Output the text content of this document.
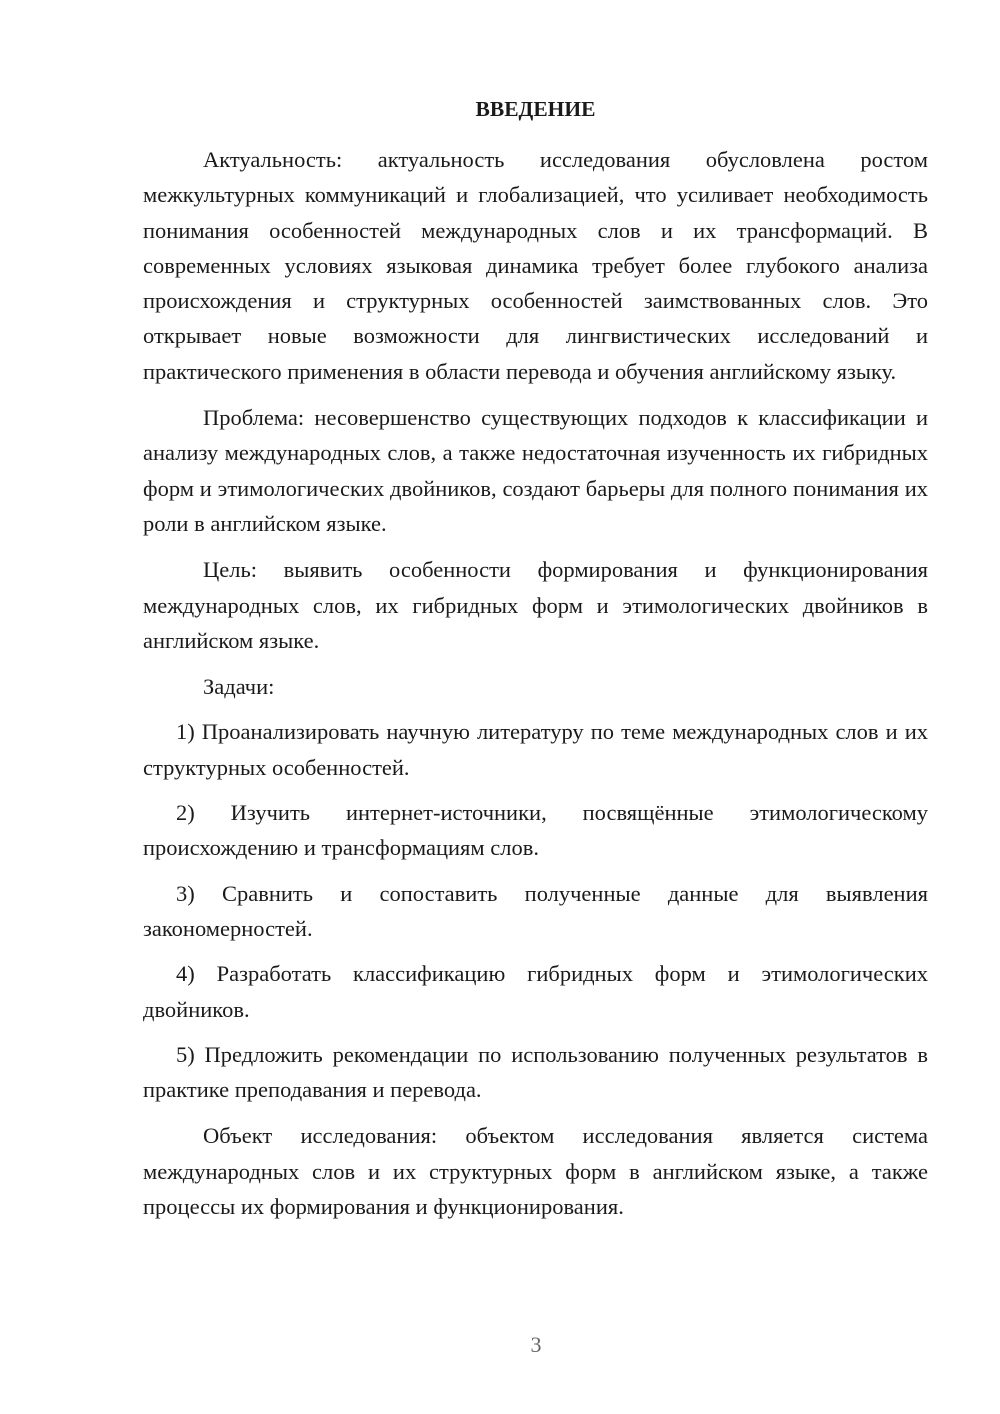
ВВЕДЕНИЕ

Актуальность: актуальность исследования обусловлена ростом межкультурных коммуникаций и глобализацией, что усиливает необходимость понимания особенностей международных слов и их трансформаций. В современных условиях языковая динамика требует более глубокого анализа происхождения и структурных особенностей заимствованных слов. Это открывает новые возможности для лингвистических исследований и практического применения в области перевода и обучения английскому языку.

Проблема: несовершенство существующих подходов к классификации и анализу международных слов, а также недостаточная изученность их гибридных форм и этимологических двойников, создают барьеры для полного понимания их роли в английском языке.

Цель: выявить особенности формирования и функционирования международных слов, их гибридных форм и этимологических двойников в английском языке.

Задачи:

1) Проанализировать научную литературу по теме международных слов и их структурных особенностей.

2) Изучить интернет-источники, посвящённые этимологическому происхождению и трансформациям слов.

3) Сравнить и сопоставить полученные данные для выявления закономерностей.

4) Разработать классификацию гибридных форм и этимологических двойников.

5) Предложить рекомендации по использованию полученных результатов в практике преподавания и перевода.

Объект исследования: объектом исследования является система международных слов и их структурных форм в английском языке, а также процессы их формирования и функционирования.

3
